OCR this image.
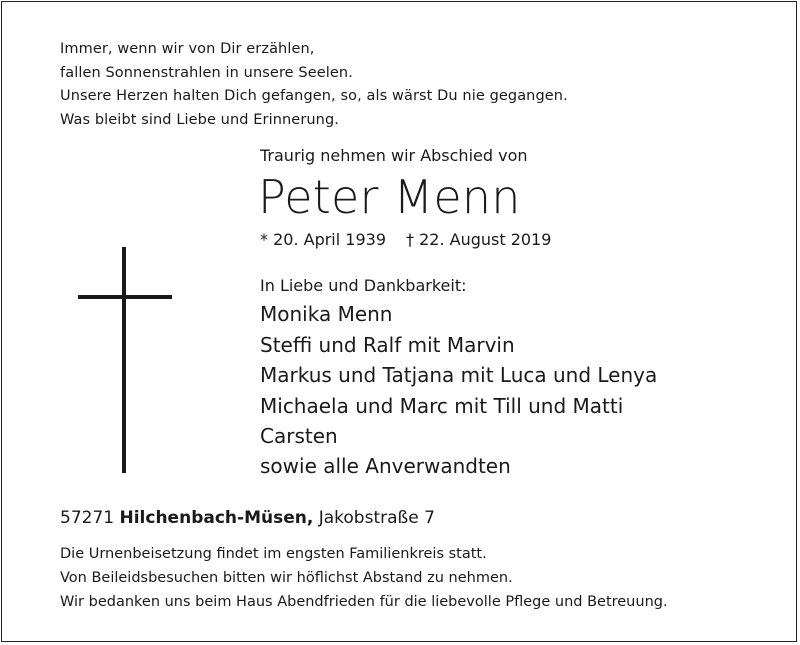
Immer, wenn wir von Dir erzählen,
fallen Sonnenstrahlen in unsere Seelen.
Unsere Herzen halten Dich gefangen, so, als wärst Du nie gegangen.
Was bleibt sind Liebe und Erinnerung.
Traurig nehmen wir Abschied von
Peter Menn
* 20. April 1939 † 22. August 2019
In Liebe und Dankbarkeit:
Monika Menn
Steffi und Ralf mit Marvin
Markus und Tatjana mit Luca und Lenya
Michaela und Marc mit Till und Matti
Carsten
sowie alle Anverwandten
57271 Hilchenbach-Müsen, Jakobstraße 7
Die Urnenbeisetzung findet im engsten Familienkreis statt.
Von Beileidsbesuchen bitten wir höflichst Abstand zu nehmen.
Wir bedanken uns beim Haus Abendfrieden für die liebevolle Pflege und Betreuung.
